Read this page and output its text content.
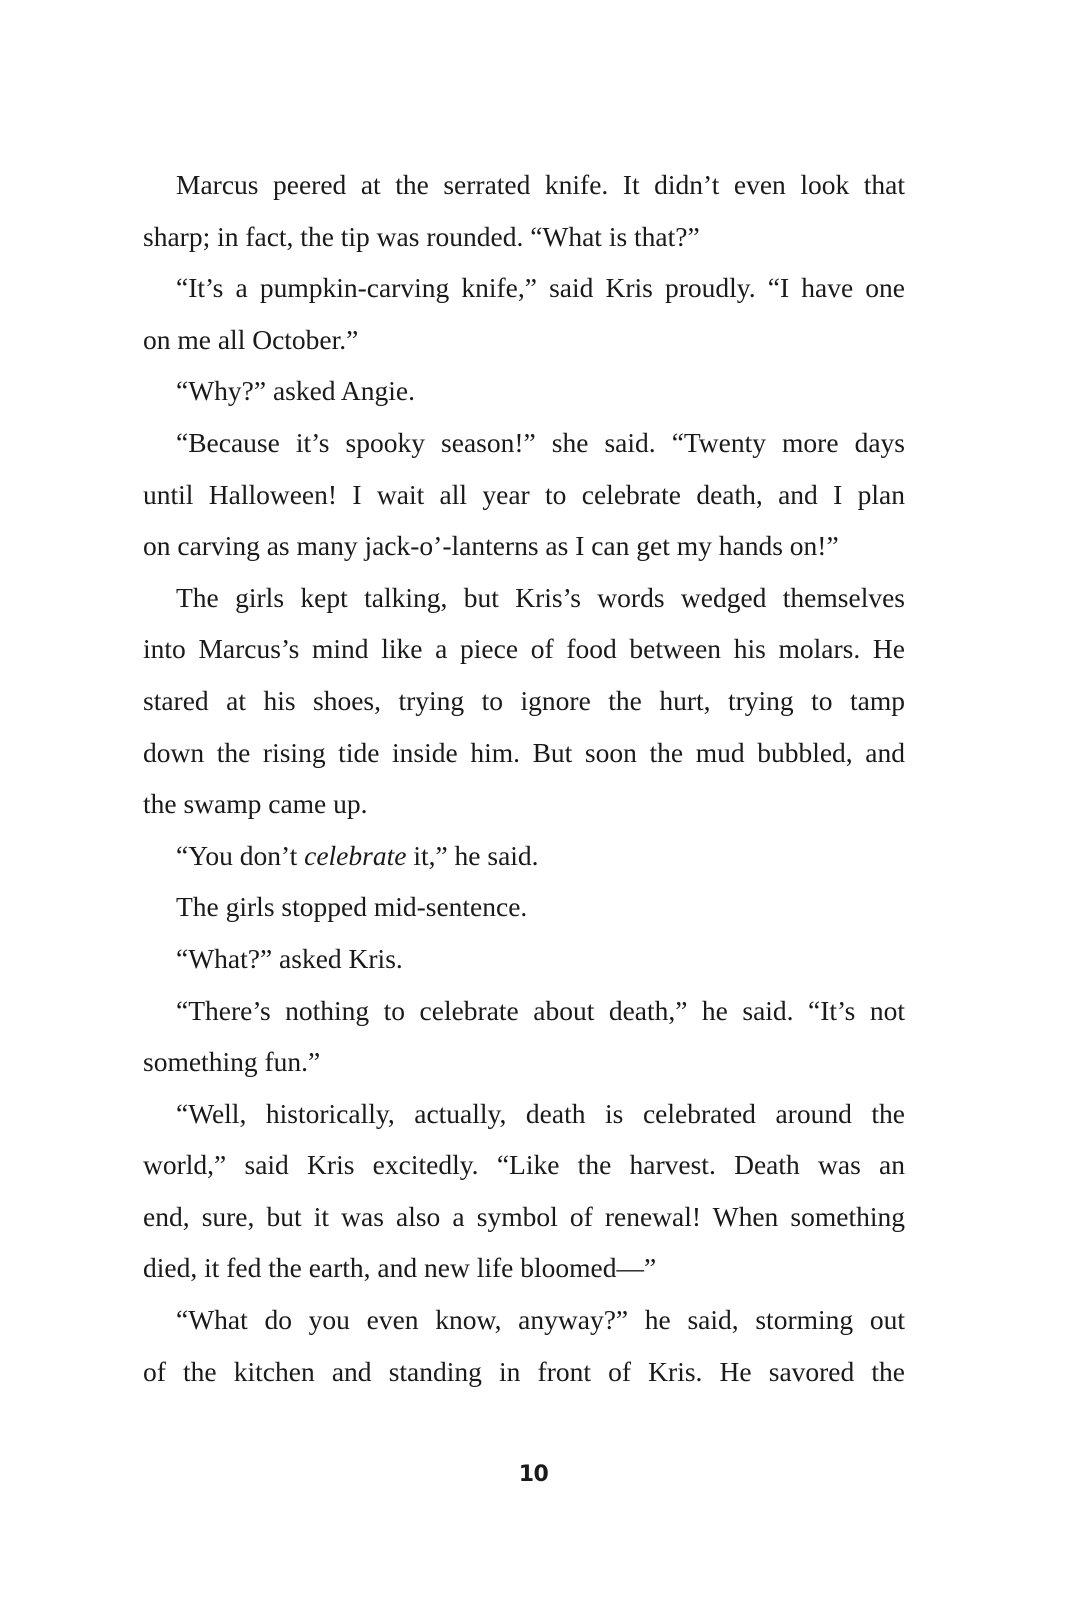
Marcus peered at the serrated knife. It didn’t even look that
sharp; in fact, the tip was rounded. “What is that?”
“It’s a pumpkin-carving knife,” said Kris proudly. “I have one
on me all October.”
“Why?” asked Angie.
“Because it’s spooky season!” she said. “Twenty more days
until Halloween! I wait all year to celebrate death, and I plan
on carving as many jack-o’-lanterns as I can get my hands on!”
The girls kept talking, but Kris’s words wedged themselves
into Marcus’s mind like a piece of food between his molars. He
stared at his shoes, trying to ignore the hurt, trying to tamp
down the rising tide inside him. But soon the mud bubbled, and
the swamp came up.
“You don’t celebrate it,” he said.
The girls stopped mid-sentence.
“What?” asked Kris.
“There’s nothing to celebrate about death,” he said. “It’s not
something fun.”
“Well, historically, actually, death is celebrated around the
world,” said Kris excitedly. “Like the harvest. Death was an
end, sure, but it was also a symbol of renewal! When something
died, it fed the earth, and new life bloomed—”
“What do you even know, anyway?” he said, storming out
of the kitchen and standing in front of Kris. He savored the
10
